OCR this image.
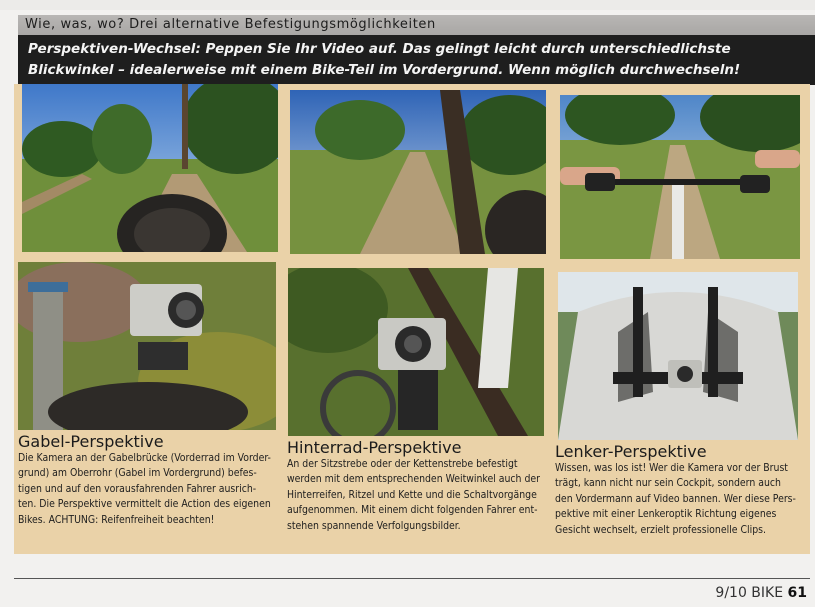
Wie, was, wo? Drei alternative Befestigungsmöglichkeiten
Perspektiven-Wechsel: Peppen Sie Ihr Video auf. Das gelingt leicht durch unterschiedlichste
Blickwinkel – idealerweise mit einem Bike-Teil im Vordergrund. Wenn möglich durchwechseln!
Gabel-Perspektive
Die Kamera an der Gabelbrücke (Vorderrad im Vorder-
grund) am Oberrohr (Gabel im Vordergrund) befes-
tigen und auf den vorausfahrenden Fahrer ausrich-
ten. Die Perspektive vermittelt die Action des eigenen
Bikes. ACHTUNG: Reifenfreiheit beachten!
Hinterrad-Perspektive
An der Sitzstrebe oder der Kettenstrebe befestigt
werden mit dem entsprechenden Weitwinkel auch der
Hinterreifen, Ritzel und Kette und die Schaltvorgänge
aufgenommen. Mit einem dicht folgenden Fahrer ent-
stehen spannende Verfolgungsbilder.
Lenker-Perspektive
Wissen, was los ist! Wer die Kamera vor der Brust
trägt, kann nicht nur sein Cockpit, sondern auch
den Vordermann auf Video bannen. Wer diese Pers-
pektive mit einer Lenkeroptik Richtung eigenes
Gesicht wechselt, erzielt professionelle Clips.
9/10 BIKE 61
